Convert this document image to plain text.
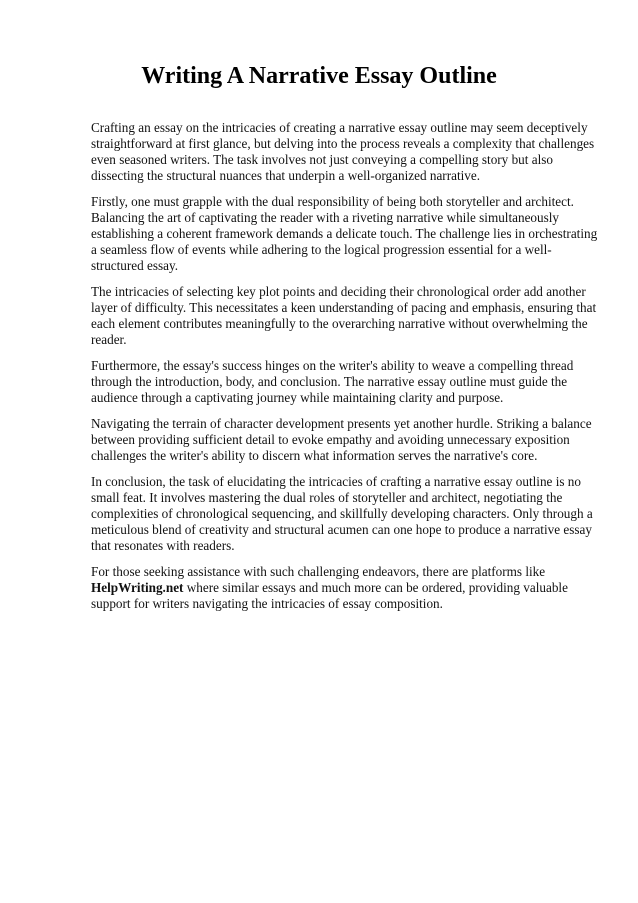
Writing A Narrative Essay Outline

Crafting an essay on the intricacies of creating a narrative essay outline may seem deceptively straightforward at first glance, but delving into the process reveals a complexity that challenges even seasoned writers. The task involves not just conveying a compelling story but also dissecting the structural nuances that underpin a well-organized narrative.

Firstly, one must grapple with the dual responsibility of being both storyteller and architect. Balancing the art of captivating the reader with a riveting narrative while simultaneously establishing a coherent framework demands a delicate touch. The challenge lies in orchestrating a seamless flow of events while adhering to the logical progression essential for a well-structured essay.

The intricacies of selecting key plot points and deciding their chronological order add another layer of difficulty. This necessitates a keen understanding of pacing and emphasis, ensuring that each element contributes meaningfully to the overarching narrative without overwhelming the reader.

Furthermore, the essay's success hinges on the writer's ability to weave a compelling thread through the introduction, body, and conclusion. The narrative essay outline must guide the audience through a captivating journey while maintaining clarity and purpose.

Navigating the terrain of character development presents yet another hurdle. Striking a balance between providing sufficient detail to evoke empathy and avoiding unnecessary exposition challenges the writer's ability to discern what information serves the narrative's core.

In conclusion, the task of elucidating the intricacies of crafting a narrative essay outline is no small feat. It involves mastering the dual roles of storyteller and architect, negotiating the complexities of chronological sequencing, and skillfully developing characters. Only through a meticulous blend of creativity and structural acumen can one hope to produce a narrative essay that resonates with readers.

For those seeking assistance with such challenging endeavors, there are platforms like HelpWriting.net where similar essays and much more can be ordered, providing valuable support for writers navigating the intricacies of essay composition.
